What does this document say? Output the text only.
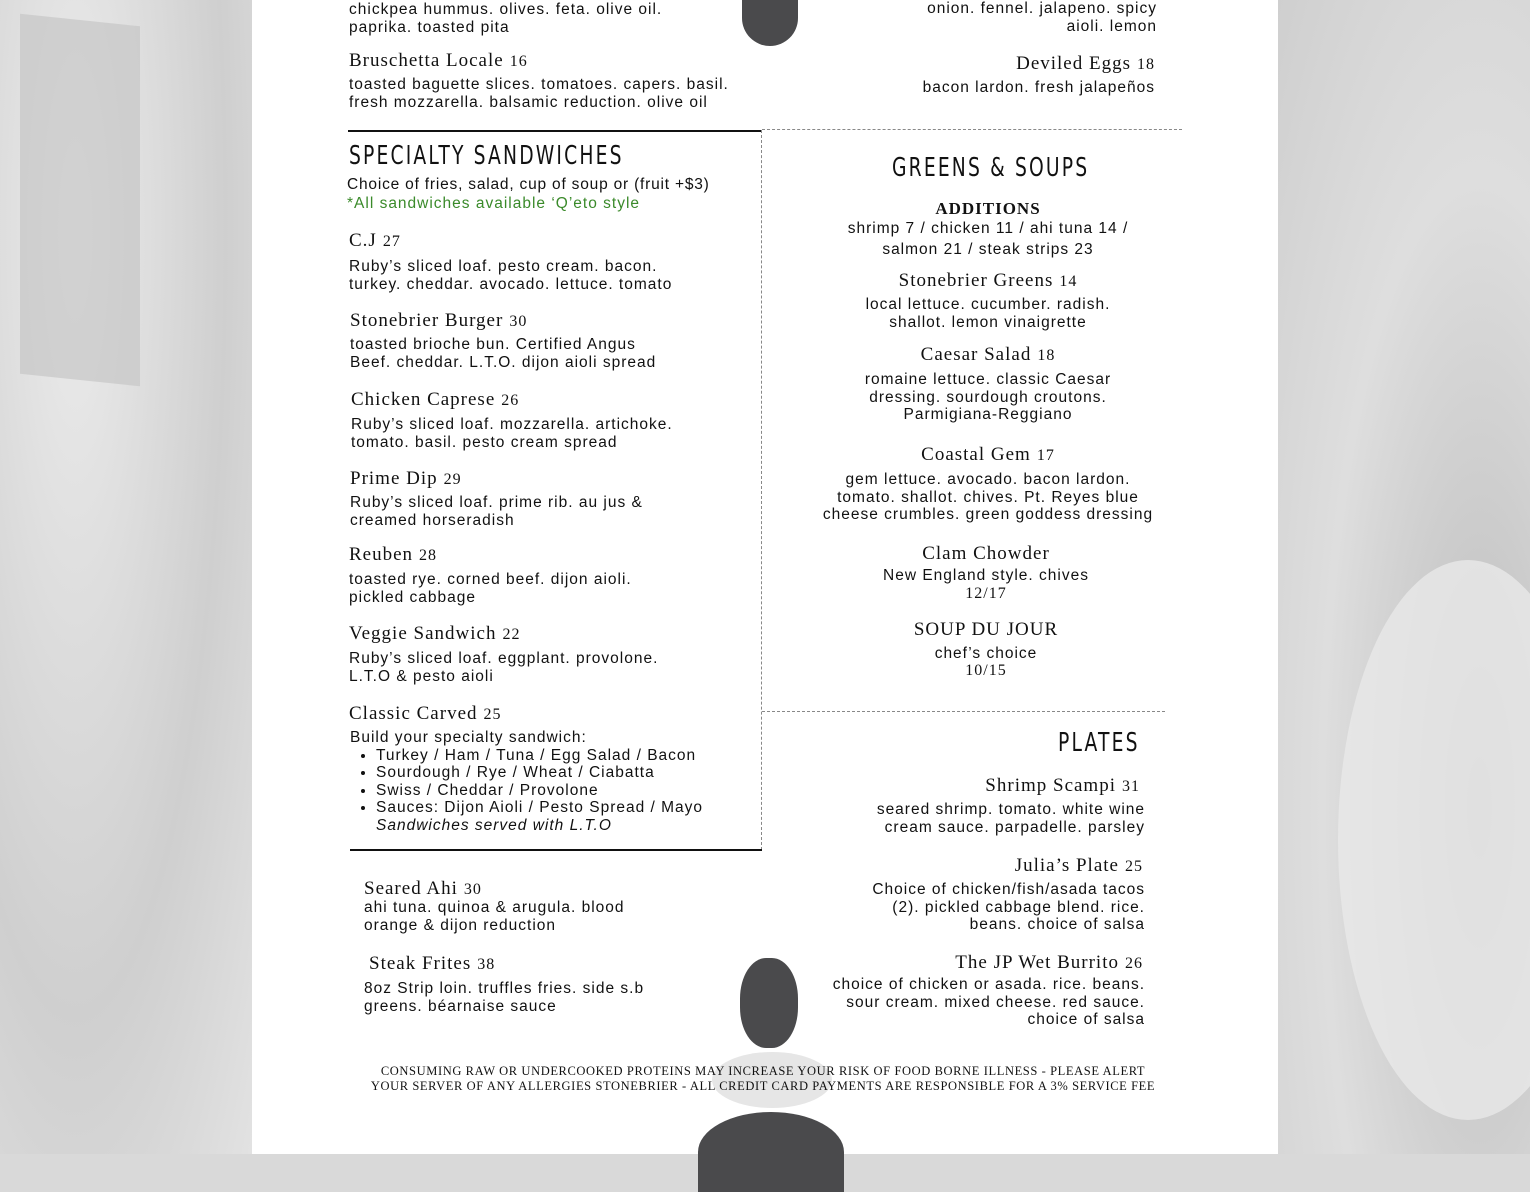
chickpea hummus. olives. feta. olive oil.
paprika. toasted pita
Bruschetta Locale 16
toasted baguette slices. tomatoes. capers. basil.
fresh mozzarella. balsamic reduction. olive oil
onion. fennel. jalapeno. spicy
aioli. lemon
Deviled Eggs 18
bacon lardon. fresh jalapeños
SPECIALTY SANDWICHES
Choice of fries, salad, cup of soup or (fruit +$3)
*All sandwiches available ‘Q’eto style
C.J 27
Ruby’s sliced loaf. pesto cream. bacon.
turkey. cheddar. avocado. lettuce. tomato
Stonebrier Burger 30
toasted brioche bun. Certified Angus
Beef. cheddar. L.T.O. dijon aioli spread
Chicken Caprese 26
Ruby’s sliced loaf. mozzarella. artichoke.
tomato. basil. pesto cream spread
Prime Dip 29
Ruby’s sliced loaf. prime rib. au jus &
creamed horseradish
Reuben 28
toasted rye. corned beef. dijon aioli.
pickled cabbage
Veggie Sandwich 22
Ruby’s sliced loaf. eggplant. provolone.
L.T.O & pesto aioli
Classic Carved 25
Build your specialty sandwich:
• Turkey / Ham / Tuna / Egg Salad / Bacon
• Sourdough / Rye / Wheat / Ciabatta
• Swiss / Cheddar / Provolone
• Sauces: Dijon Aioli / Pesto Spread / Mayo
Sandwiches served with L.T.O
Seared Ahi 30
ahi tuna. quinoa & arugula. blood
orange & dijon reduction
Steak Frites 38
8oz Strip loin. truffles fries. side s.b
greens. béarnaise sauce
GREENS & SOUPS
ADDITIONS
shrimp 7 / chicken 11 / ahi tuna 14 /
salmon 21 / steak strips 23
Stonebrier Greens 14
local lettuce. cucumber. radish.
shallot. lemon vinaigrette
Caesar Salad 18
romaine lettuce. classic Caesar
dressing. sourdough croutons.
Parmigiana-Reggiano
Coastal Gem 17
gem lettuce. avocado. bacon lardon.
tomato. shallot. chives. Pt. Reyes blue
cheese crumbles. green goddess dressing
Clam Chowder
New England style. chives
12/17
SOUP DU JOUR
chef’s choice
10/15
PLATES
Shrimp Scampi 31
seared shrimp. tomato. white wine
cream sauce. parpadelle. parsley
Julia’s Plate 25
Choice of chicken/fish/asada tacos
(2). pickled cabbage blend. rice.
beans. choice of salsa
The JP Wet Burrito 26
choice of chicken or asada. rice. beans.
sour cream. mixed cheese. red sauce.
choice of salsa
CONSUMING RAW OR UNDERCOOKED PROTEINS MAY INCREASE YOUR RISK OF FOOD BORNE ILLNESS - PLEASE ALERT
YOUR SERVER OF ANY ALLERGIES STONEBRIER - ALL CREDIT CARD PAYMENTS ARE RESPONSIBLE FOR A 3% SERVICE FEE
